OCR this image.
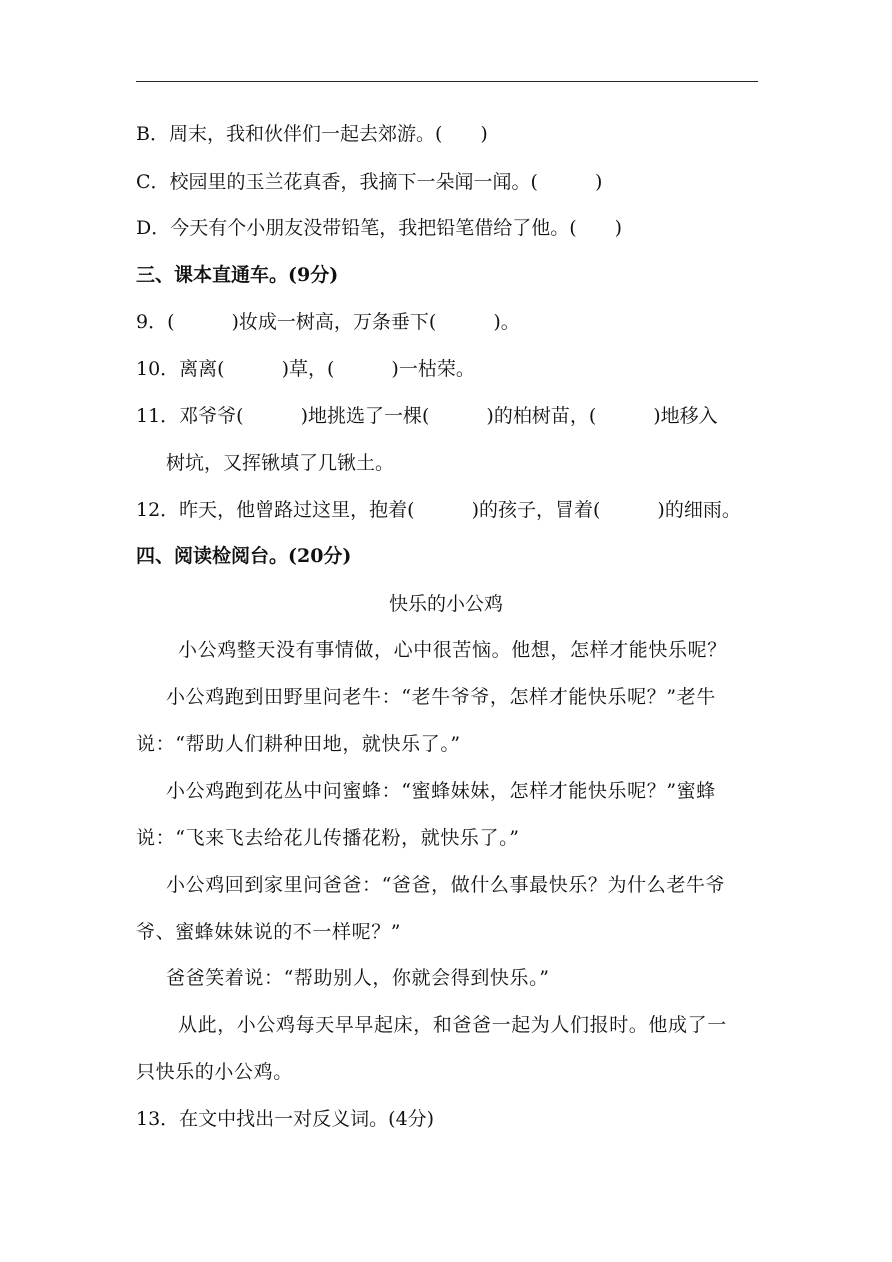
B．周末，我和伙伴们一起去郊游。(　　)
C．校园里的玉兰花真香，我摘下一朵闻一闻。(　　　)
D．今天有个小朋友没带铅笔，我把铅笔借给了他。(　　)
三、课本直通车。(9分)
9．(　　　)妆成一树高，万条垂下(　　　)。
10．离离(　　　)草，(　　　)一枯荣。
11．邓爷爷(　　　)地挑选了一棵(　　　)的柏树苗，(　　　)地移入
树坑，又挥锹填了几锹土。
12．昨天，他曾路过这里，抱着(　　　)的孩子，冒着(　　　)的细雨。
四、阅读检阅台。(20分)
快乐的小公鸡
小公鸡整天没有事情做，心中很苦恼。他想，怎样才能快乐呢？
小公鸡跑到田野里问老牛：“老牛爷爷，怎样才能快乐呢？”老牛
说：“帮助人们耕种田地，就快乐了。”
小公鸡跑到花丛中问蜜蜂：“蜜蜂妹妹，怎样才能快乐呢？”蜜蜂
说：“飞来飞去给花儿传播花粉，就快乐了。”
小公鸡回到家里问爸爸：“爸爸，做什么事最快乐？为什么老牛爷
爷、蜜蜂妹妹说的不一样呢？”
爸爸笑着说：“帮助别人，你就会得到快乐。”
从此，小公鸡每天早早起床，和爸爸一起为人们报时。他成了一
只快乐的小公鸡。
13．在文中找出一对反义词。(4分)
